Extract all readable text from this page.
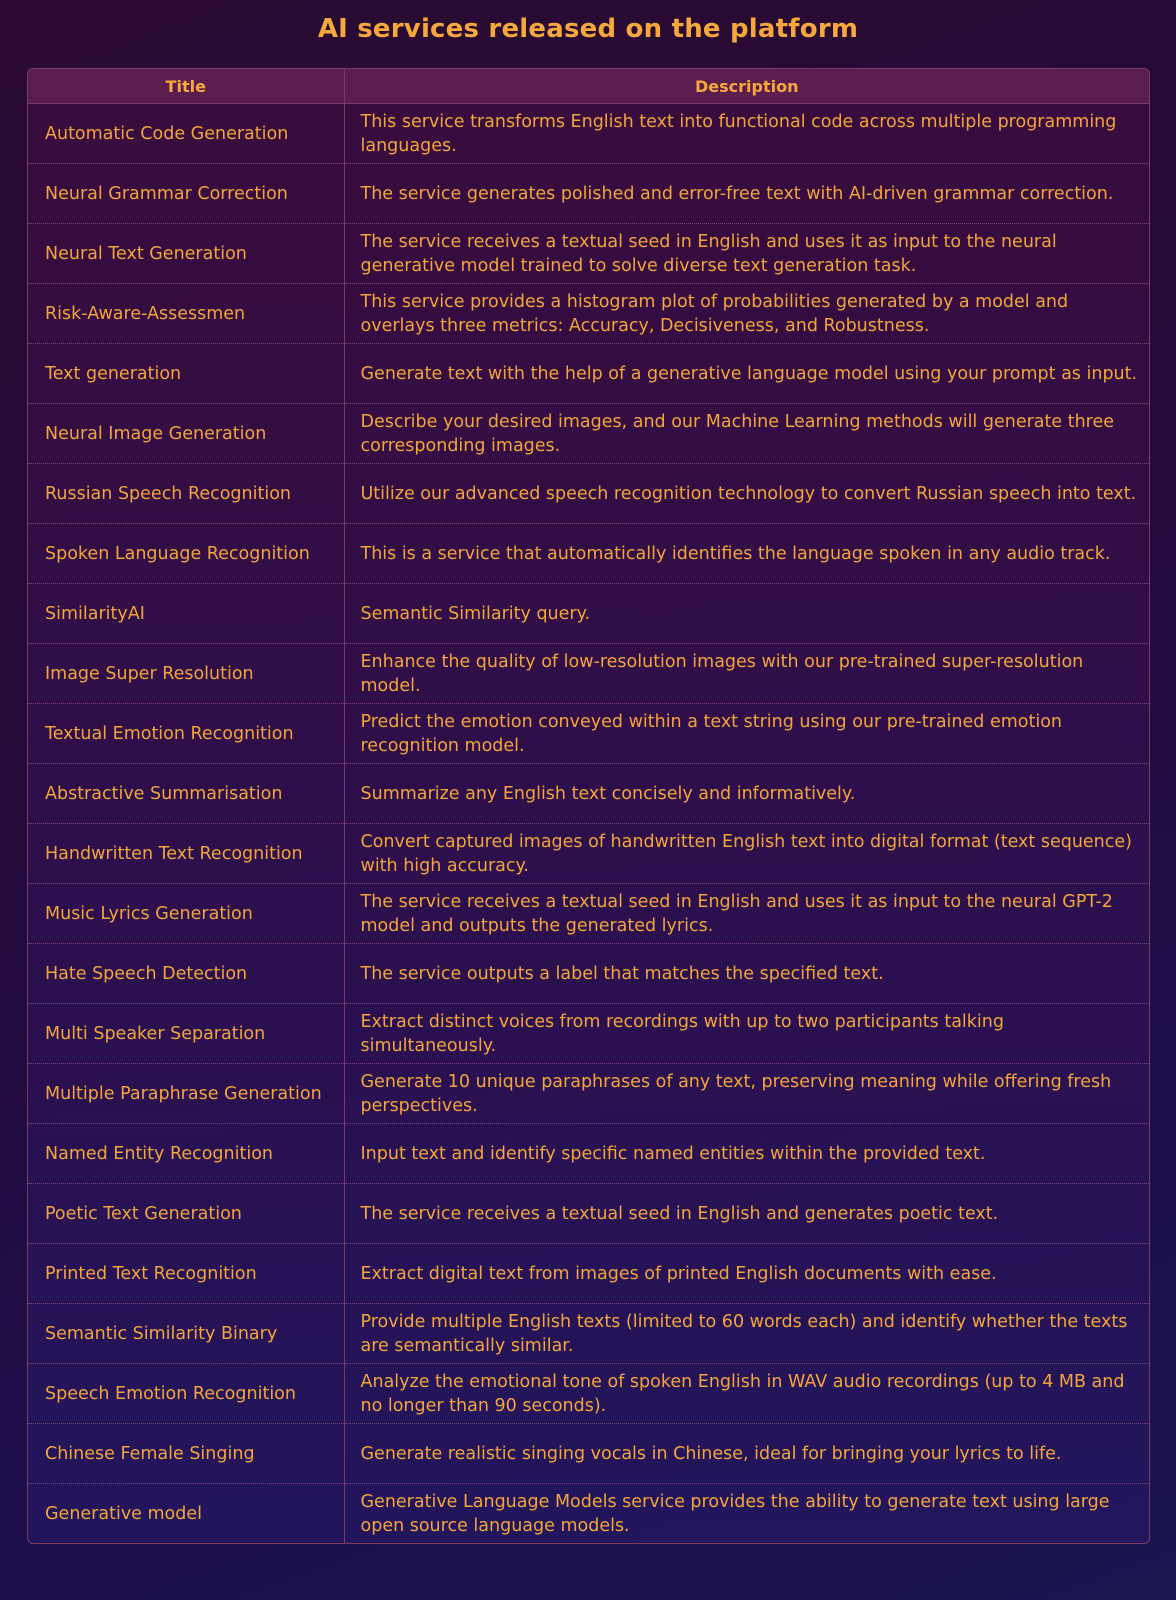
AI services released on the platform
Title	Description
Automatic Code Generation	This service transforms English text into functional code across multiple programming languages.
Neural Grammar Correction	The service generates polished and error-free text with AI-driven grammar correction.
Neural Text Generation	The service receives a textual seed in English and uses it as input to the neural generative model trained to solve diverse text generation task.
Risk-Aware-Assessmen	This service provides a histogram plot of probabilities generated by a model and overlays three metrics: Accuracy, Decisiveness, and Robustness.
Text generation	Generate text with the help of a generative language model using your prompt as input.
Neural Image Generation	Describe your desired images, and our Machine Learning methods will generate three corresponding images.
Russian Speech Recognition	Utilize our advanced speech recognition technology to convert Russian speech into text.
Spoken Language Recognition	This is a service that automatically identifies the language spoken in any audio track.
SimilarityAI	Semantic Similarity query.
Image Super Resolution	Enhance the quality of low-resolution images with our pre-trained super-resolution model.
Textual Emotion Recognition	Predict the emotion conveyed within a text string using our pre-trained emotion recognition model.
Abstractive Summarisation	Summarize any English text concisely and informatively.
Handwritten Text Recognition	Convert captured images of handwritten English text into digital format (text sequence) with high accuracy.
Music Lyrics Generation	The service receives a textual seed in English and uses it as input to the neural GPT-2 model and outputs the generated lyrics.
Hate Speech Detection	The service outputs a label that matches the specified text.
Multi Speaker Separation	Extract distinct voices from recordings with up to two participants talking simultaneously.
Multiple Paraphrase Generation	Generate 10 unique paraphrases of any text, preserving meaning while offering fresh perspectives.
Named Entity Recognition	Input text and identify specific named entities within the provided text.
Poetic Text Generation	The service receives a textual seed in English and generates poetic text.
Printed Text Recognition	Extract digital text from images of printed English documents with ease.
Semantic Similarity Binary	Provide multiple English texts (limited to 60 words each) and identify whether the texts are semantically similar.
Speech Emotion Recognition	Analyze the emotional tone of spoken English in WAV audio recordings (up to 4 MB and no longer than 90 seconds).
Chinese Female Singing	Generate realistic singing vocals in Chinese, ideal for bringing your lyrics to life.
Generative model	Generative Language Models service provides the ability to generate text using large open source language models.
